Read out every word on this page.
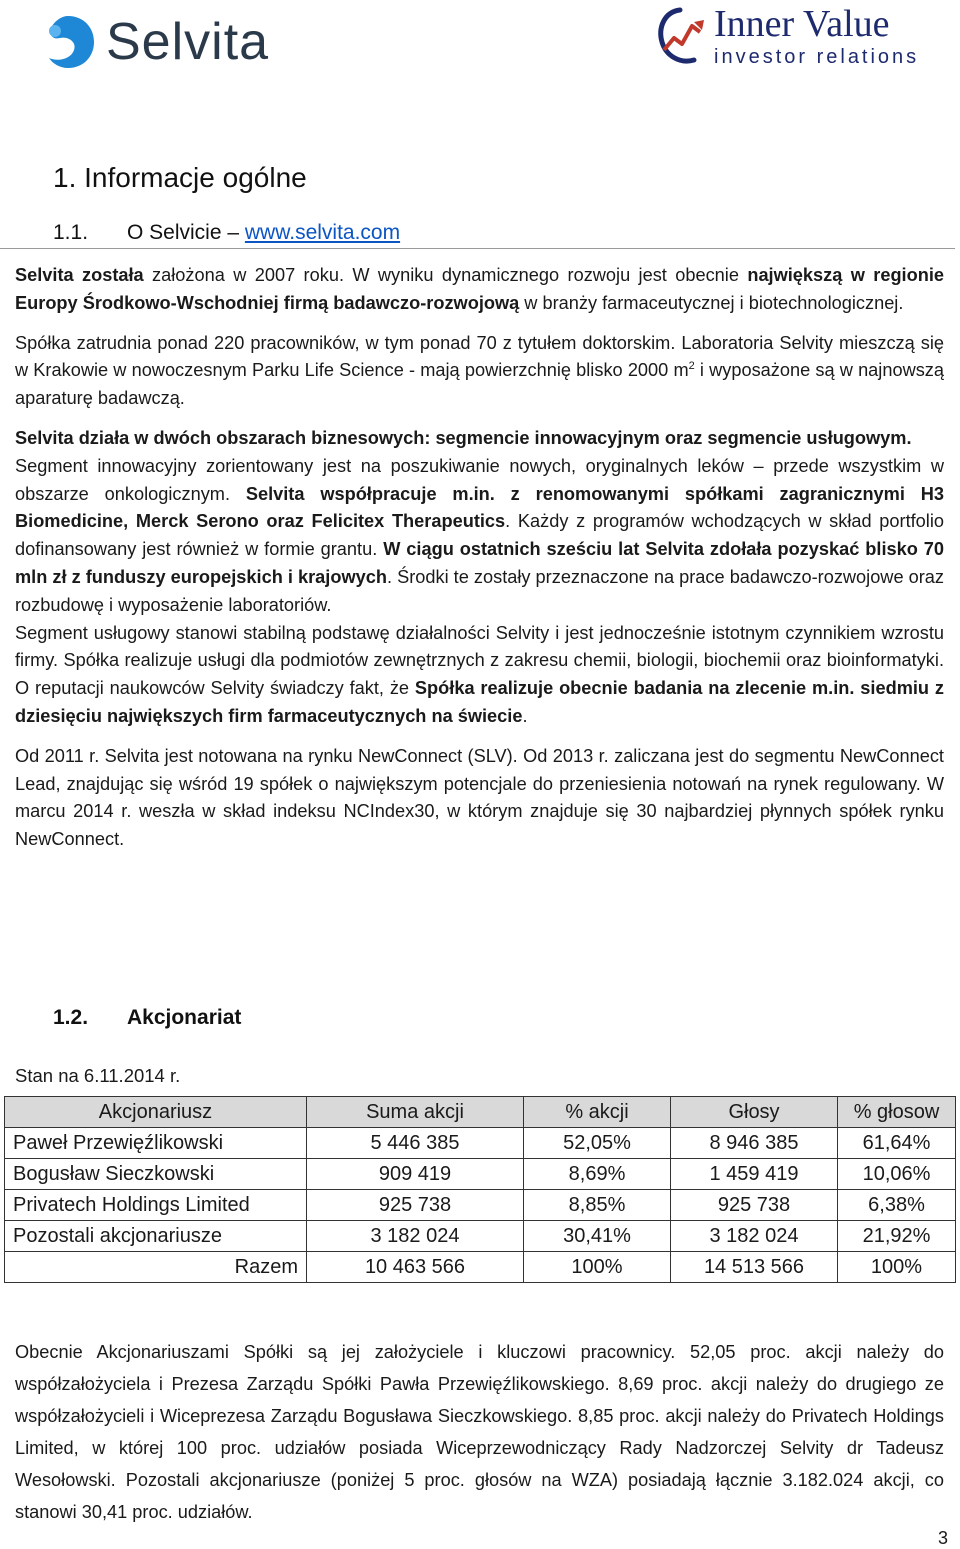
Selvita	Inner Value
investor relations
1. Informacje ogólne
1.1. O Selvicie – www.selvita.com

Selvita została założona w 2007 roku. W wyniku dynamicznego rozwoju jest obecnie największą w regionie Europy Środkowo-Wschodniej firmą badawczo-rozwojową w branży farmaceutycznej i biotechnologicznej.

Spółka zatrudnia ponad 220 pracowników, w tym ponad 70 z tytułem doktorskim. Laboratoria Selvity mieszczą się w Krakowie w nowoczesnym Parku Life Science - mają powierzchnię blisko 2000 $m^2$ i wyposażone są w najnowszą aparaturę badawczą.

Selvita działa w dwóch obszarach biznesowych: segmencie innowacyjnym oraz segmencie usługowym.

Segment innowacyjny zorientowany jest na poszukiwanie nowych, oryginalnych leków – przede wszystkim w obszarze onkologicznym. Selvita współpracuje m.in. z renomowanymi spółkami zagranicznymi H3 Biomedicine, Merck Serono oraz Felicitex Therapeutics. Każdy z programów wchodzących w skład portfolio dofinansowany jest również w formie grantu. W ciągu ostatnich sześciu lat Selvita zdołała pozyskać blisko 70 mln zł z funduszy europejskich i krajowych. Środki te zostały przeznaczone na prace badawczo-rozwojowe oraz rozbudowę i wyposażenie laboratoriów.

Segment usługowy stanowi stabilną podstawę działalności Selvity i jest jednocześnie istotnym czynnikiem wzrostu firmy. Spółka realizuje usługi dla podmiotów zewnętrznych z zakresu chemii, biologii, biochemii oraz bioinformatyki. O reputacji naukowców Selvity świadczy fakt, że Spółka realizuje obecnie badania na zlecenie m.in. siedmiu z dziesięciu największych firm farmaceutycznych na świecie.

Od 2011 r. Selvita jest notowana na rynku NewConnect (SLV). Od 2013 r. zaliczana jest do segmentu NewConnect Lead, znajdując się wśród 19 spółek o największym potencjale do przeniesienia notowań na rynek regulowany. W marcu 2014 r. weszła w skład indeksu NCIndex30, w którym znajduje się 30 najbardziej płynnych spółek rynku NewConnect.

1.2. Akcjonariat
Stan na 6.11.2014 r.
Akcjonariusz	Suma akcji	% akcji	Głosy	% głosow
Paweł Przewięźlikowski	5 446 385	52,05%	8 946 385	61,64%
Bogusław Sieczkowski	909 419	8,69%	1 459 419	10,06%
Privatech Holdings Limited	925 738	8,85%	925 738	6,38%
Pozostali akcjonariusze	3 182 024	30,41%	3 182 024	21,92%
Razem	10 463 566	100%	14 513 566	100%

Obecnie Akcjonariuszami Spółki są jej założyciele i kluczowi pracownicy. 52,05 proc. akcji należy do współzałożyciela i Prezesa Zarządu Spółki Pawła Przewięźlikowskiego. 8,69 proc. akcji należy do drugiego ze współzałożycieli i Wiceprezesa Zarządu Bogusława Sieczkowskiego. 8,85 proc. akcji należy do Privatech Holdings Limited, w której 100 proc. udziałów posiada Wiceprzewodniczący Rady Nadzorczej Selvity dr Tadeusz Wesołowski. Pozostali akcjonariusze (poniżej 5 proc. głosów na WZA) posiadają łącznie 3.182.024 akcji, co stanowi 30,41 proc. udziałów.

3
